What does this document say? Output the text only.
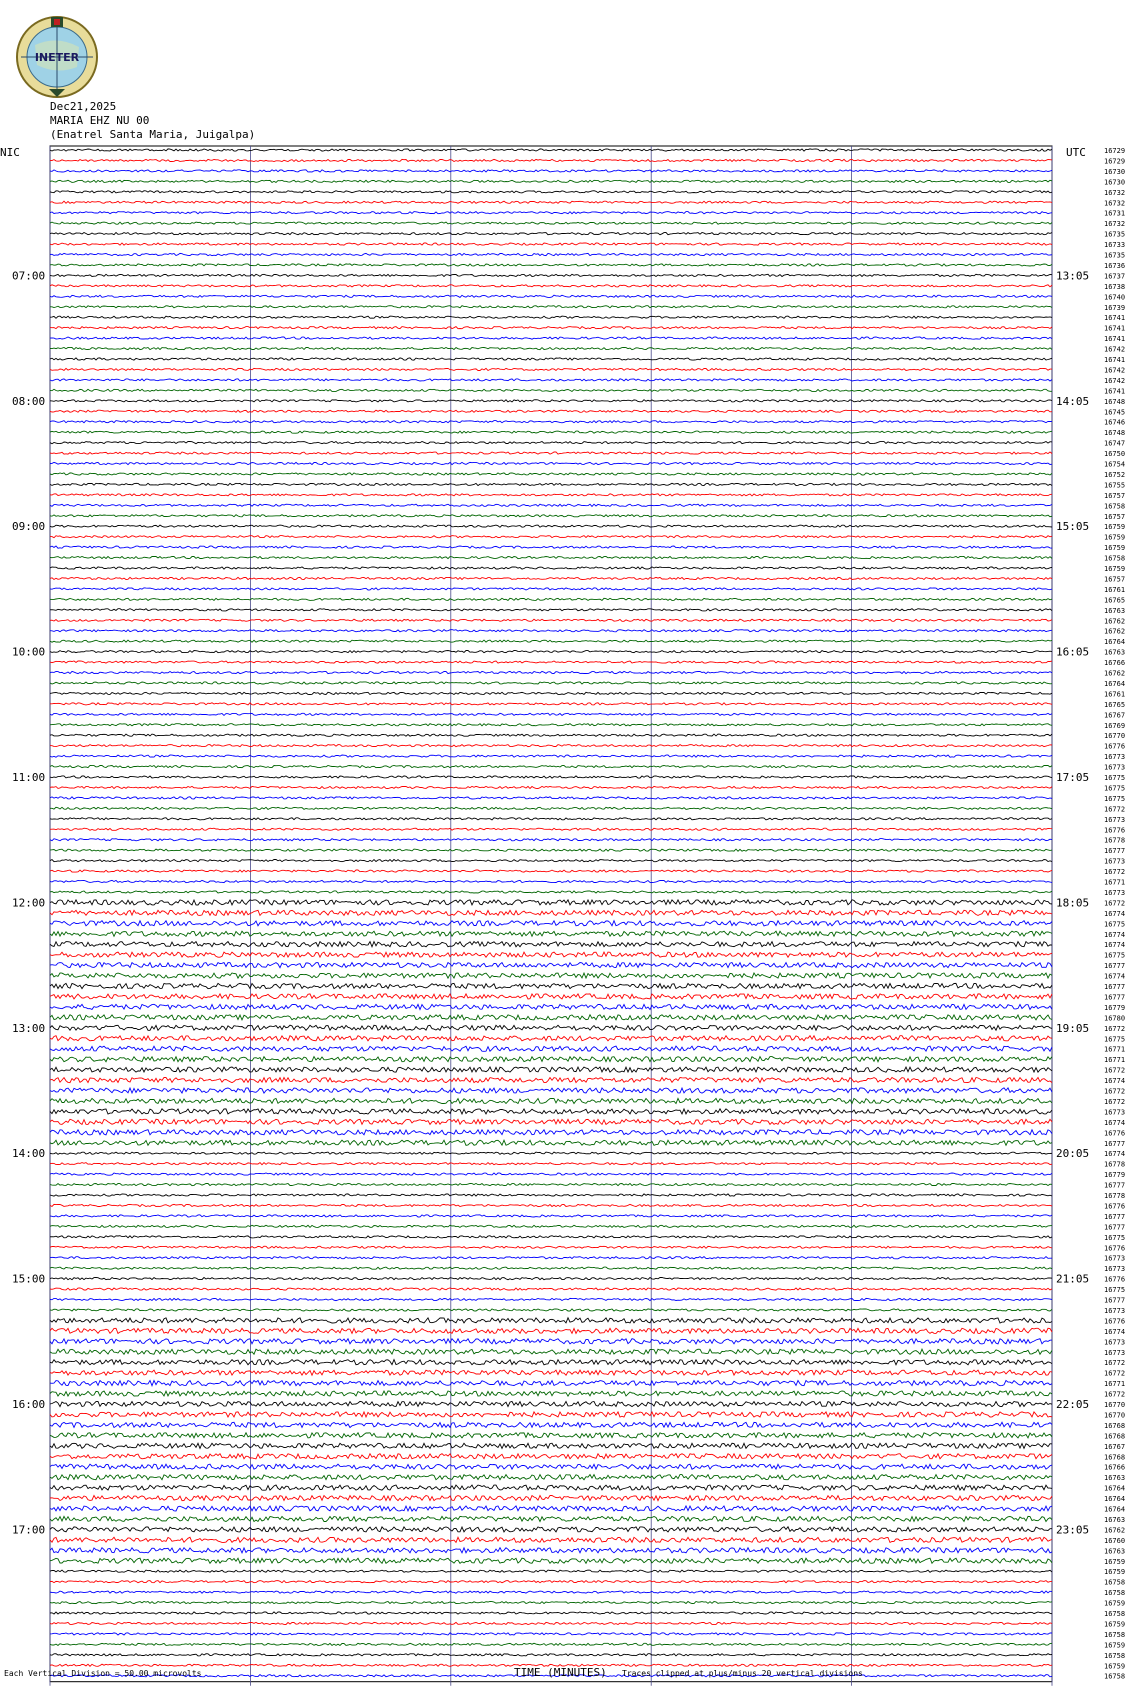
INETER

Dec21,2025
MARIA EHZ NU 00
(Enatrel Santa Maria, Juigalpa)
16729
16729
16730
16730
16732
16732
16731
16732
16735
16733
16735
16736
16737
16738
16740
16739
16741
16741
16741
16742
16741
16742
16742
16741
16748
16745
16746
16748
16747
16750
16754
16752
16755
16757
16758
16757
16759
16759
16759
16758
16759
16757
16761
16765
16763
16762
16762
16764
16763
16766
16762
16764
16761
16765
16767
16769
16770
16776
16773
16773
16775
16775
16775
16772
16773
16776
16778
16777
16773
16772
16771
16773
16772
16774
16775
16774
16774
16775
16777
16774
16777
16777
16779
16780
16772
16775
16771
16771
16772
16774
16772
16772
16773
16774
16776
16777
16774
16778
16779
16777
16778
16776
16777
16777
16775
16776
16773
16773
16776
16775
16777
16773
16776
16774
16773
16773
16772
16772
16771
16772
16770
16770
16768
16768
16767
16768
16766
16763
16764
16764
16764
16763
16762
16760
16763
16759
16759
16758
16758
16759
16758
16759
16758
16759
16758
16759
16758
07:00	13:05
08:00	14:05
09:00	15:05
10:00	16:05
11:00	17:05
12:00	18:05
13:00	19:05
14:00	20:05
15:00	21:05
16:00	22:05
17:00	23:05
NIC	UTC
TIME (MINUTES)
Each Vertical Division = 50.00 microvolts	Traces clipped at plus/minus 20 vertical divisions
